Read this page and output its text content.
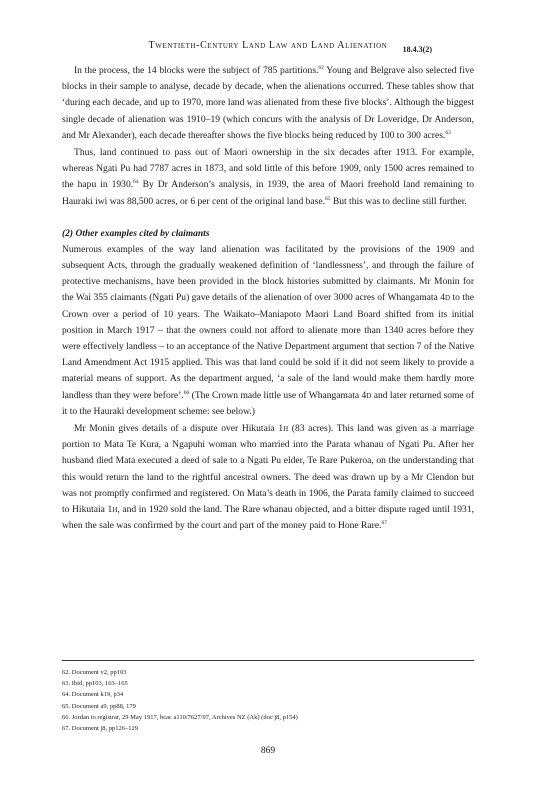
Twentieth-Century Land Law and Land Alienation	18.4.3(2)

In the process, the 14 blocks were the subject of 785 partitions.$^{62}$ Young and Belgrave also selected five blocks in their sample to analyse, decade by decade, when the alienations occurred. These tables show that ‘during each decade, and up to 1970, more land was alienated from these five blocks’. Although the biggest single decade of alienation was 1910–19 (which concurs with the analysis of Dr Loveridge, Dr Anderson, and Mr Alexander), each decade thereafter shows the five blocks being reduced by 100 to 300 acres.$^{63}$

Thus, land continued to pass out of Maori ownership in the six decades after 1913. For example, whereas Ngati Pu had 7787 acres in 1873, and sold little of this before 1909, only 1500 acres remained to the hapu in 1930.64 By Dr Anderson’s analysis, in 1939, the area of Maori freehold land remaining to Hauraki iwi was 88,500 acres, or 6 per cent of the original land base.$^{65}$ But this was to decline still further.

(2) Other examples cited by claimants

Numerous examples of the way land alienation was facilitated by the provisions of the 1909 and subsequent Acts, through the gradually weakened definition of ‘landlessness’, and through the failure of protective mechanisms, have been provided in the block histories submitted by claimants. Mr Monin for the Wai 355 claimants (Ngati Pu) gave details of the alienation of over 3000 acres of Whangamata 4d to the Crown over a period of 10 years. The Waikato–Maniapoto Maori Land Board shifted from its initial position in March 1917 – that the owners could not afford to alienate more than 1340 acres before they were effectively landless – to an acceptance of the Native Department argument that section 7 of the Native Land Amendment Act 1915 applied. This was that land could be sold if it did not seem likely to provide a material means of support. As the department argued, ‘a sale of the land would make them hardly more landless than they were before’.$^{66}$ (The Crown made little use of Whangamata 4d and later returned some of it to the Hauraki development scheme: see below.)

Mr Monin gives details of a dispute over Hikutaia 1h (83 acres). This land was given as a marriage portion to Mata Te Kura, a Ngapuhi woman who married into the Parata whanau of Ngati Pu. After her husband died Mata executed a deed of sale to a Ngati Pu elder, Te Rare Pukeroa, on the understanding that this would return the land to the rightful ancestral owners. The deed was drawn up by a Mr Clendon but was not promptly confirmed and registered. On Mata’s death in 1906, the Parata family claimed to succeed to Hikutaia 1h, and in 1920 sold the land. The Rare whanau objected, and a bitter dispute raged until 1931, when the sale was confirmed by the court and part of the money paid to Hone Rare.$^{67}$

62. Document v2, pp103
63. Ibid, pp103, 163–165
64. Document k19, p34
65. Document a9, pp88, 179
66. Jordan to registrar, 29 May 1917, bcac a110/7627/97, Archives NZ (Ak) (doc j8, p154)
67. Document j8, pp126–129
869
